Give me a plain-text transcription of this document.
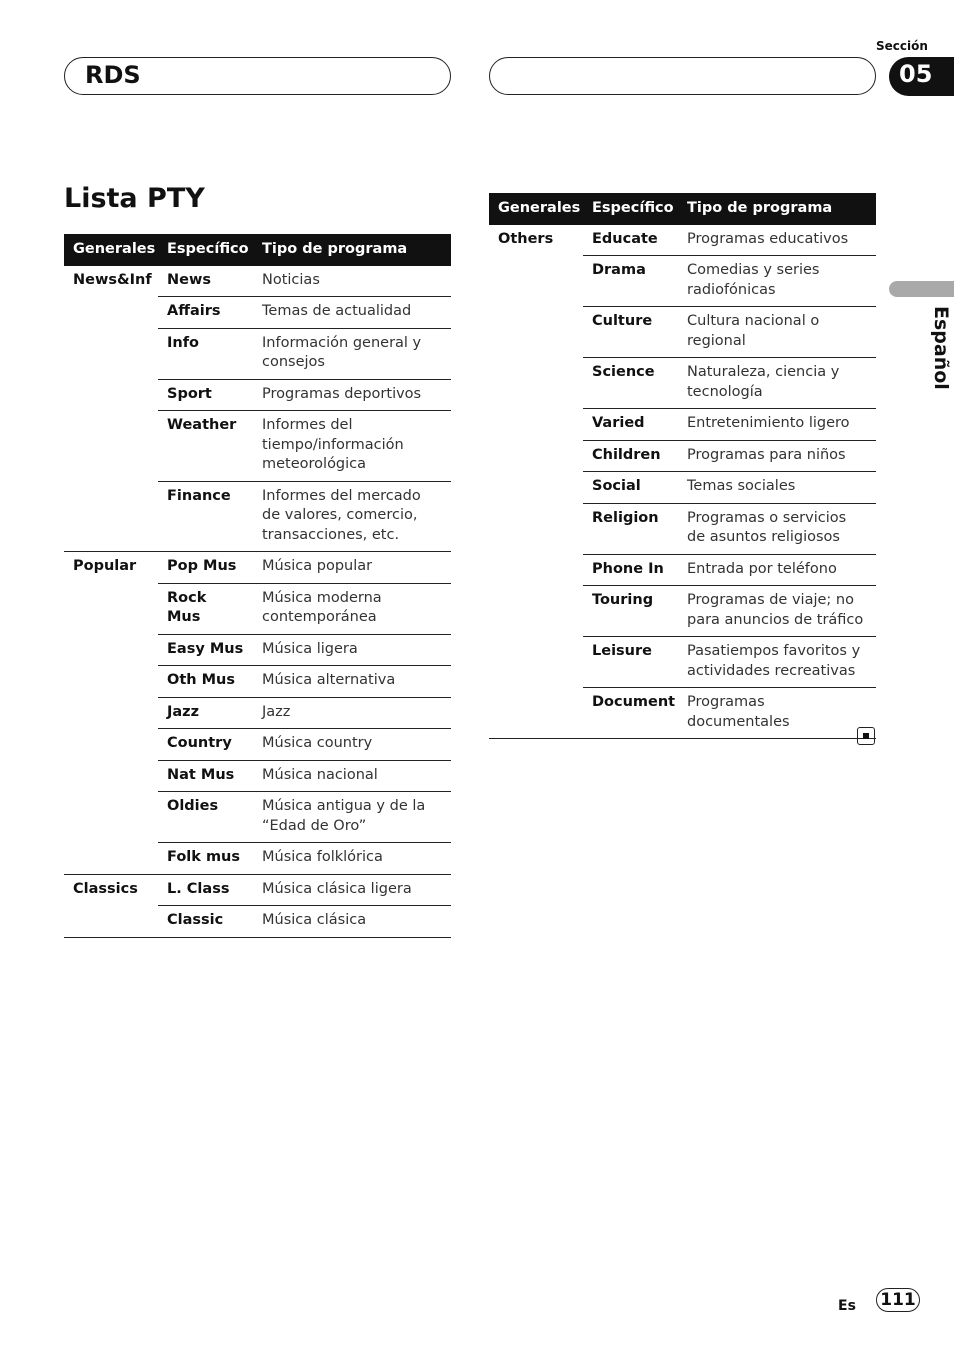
RDS
Sección
05
Español
Lista PTY
Generales	Específico	Tipo de programa
News&Inf	News	Noticias
	Affairs	Temas de actualidad
	Info	Información general y consejos
	Sport	Programas deportivos
	Weather	Informes del tiempo/información meteorológica
	Finance	Informes del mercado de valores, comercio, transacciones, etc.
Popular	Pop Mus	Música popular
	Rock Mus	Música moderna contemporánea
	Easy Mus	Música ligera
	Oth Mus	Música alternativa
	Jazz	Jazz
	Country	Música country
	Nat Mus	Música nacional
	Oldies	Música antigua y de la “Edad de Oro”
	Folk mus	Música folklórica
Classics	L. Class	Música clásica ligera
	Classic	Música clásica
Generales	Específico	Tipo de programa
Others	Educate	Programas educativos
	Drama	Comedias y series radiofónicas
	Culture	Cultura nacional o regional
	Science	Naturaleza, ciencia y tecnología
	Varied	Entretenimiento ligero
	Children	Programas para niños
	Social	Temas sociales
	Religion	Programas o servicios de asuntos religiosos
	Phone In	Entrada por teléfono
	Touring	Programas de viaje; no para anuncios de tráfico
	Leisure	Pasatiempos favoritos y actividades recreativas
	Document	Programas documentales
Es 111
